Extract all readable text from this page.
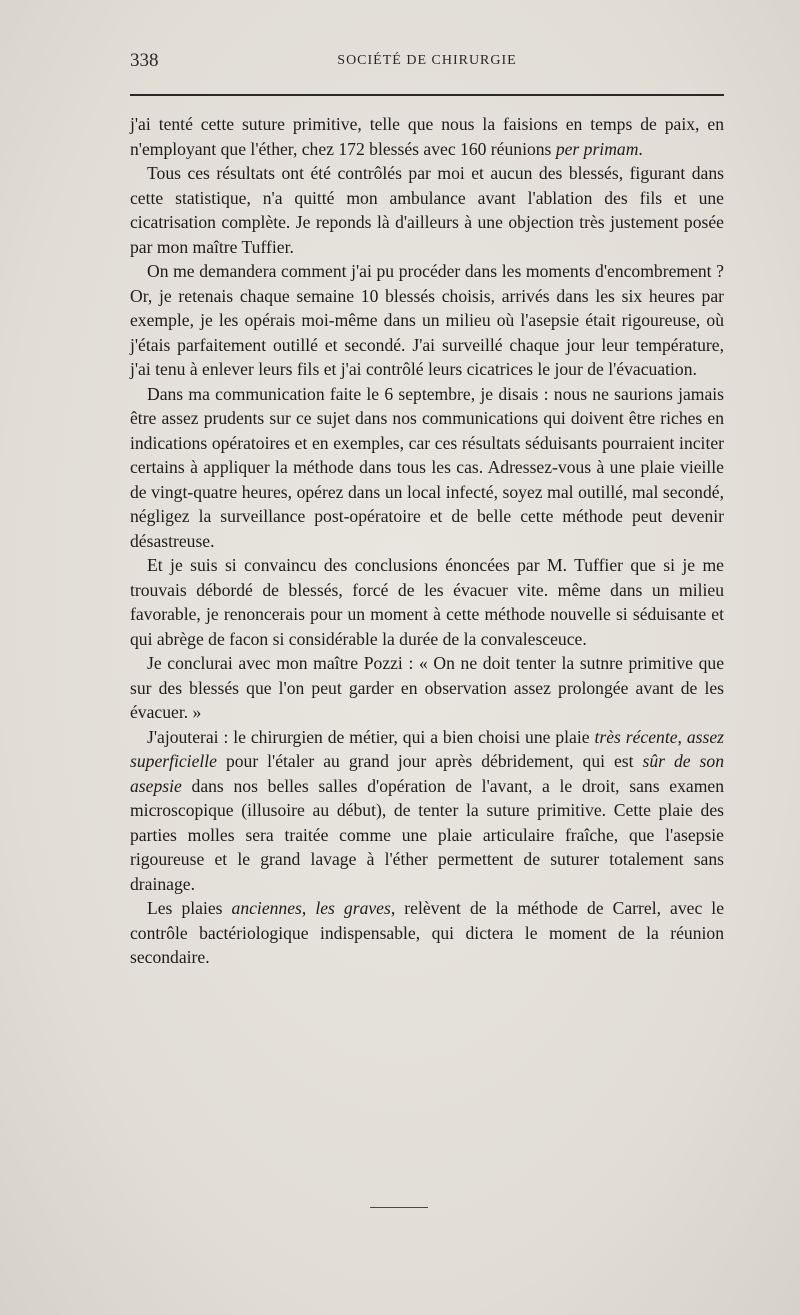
338	SOCIÉTÉ DE CHIRURGIE

j'ai tenté cette suture primitive, telle que nous la faisions en temps de paix, en n'employant que l'éther, chez 172 blessés avec 160 réunions per primam.

Tous ces résultats ont été contrôlés par moi et aucun des blessés, figurant dans cette statistique, n'a quitté mon ambulance avant l'ablation des fils et une cicatrisation complète. Je reponds là d'ailleurs à une objection très justement posée par mon maître Tuffier.

On me demandera comment j'ai pu procéder dans les moments d'encombrement ? Or, je retenais chaque semaine 10 blessés choisis, arrivés dans les six heures par exemple, je les opérais moi-même dans un milieu où l'asepsie était rigoureuse, où j'étais parfaitement outillé et secondé. J'ai surveillé chaque jour leur température, j'ai tenu à enlever leurs fils et j'ai contrôlé leurs cicatrices le jour de l'évacuation.

Dans ma communication faite le 6 septembre, je disais : nous ne saurions jamais être assez prudents sur ce sujet dans nos communications qui doivent être riches en indications opératoires et en exemples, car ces résultats séduisants pourraient inciter certains à appliquer la méthode dans tous les cas. Adressez-vous à une plaie vieille de vingt-quatre heures, opérez dans un local infecté, soyez mal outillé, mal secondé, négligez la surveillance post-opératoire et de belle cette méthode peut devenir désastreuse.

Et je suis si convaincu des conclusions énoncées par M. Tuffier que si je me trouvais débordé de blessés, forcé de les évacuer vite. même dans un milieu favorable, je renoncerais pour un moment à cette méthode nouvelle si séduisante et qui abrège de facon si considérable la durée de la convalesceuce.

Je conclurai avec mon maître Pozzi : « On ne doit tenter la sutnre primitive que sur des blessés que l'on peut garder en observation assez prolongée avant de les évacuer. »

J'ajouterai : le chirurgien de métier, qui a bien choisi une plaie très récente, assez superficielle pour l'étaler au grand jour après débridement, qui est sûr de son asepsie dans nos belles salles d'opération de l'avant, a le droit, sans examen microscopique (illusoire au début), de tenter la suture primitive. Cette plaie des parties molles sera traitée comme une plaie articulaire fraîche, que l'asepsie rigoureuse et le grand lavage à l'éther permettent de suturer totalement sans drainage.

Les plaies anciennes, les graves, relèvent de la méthode de Carrel, avec le contrôle bactériologique indispensable, qui dictera le moment de la réunion secondaire.
